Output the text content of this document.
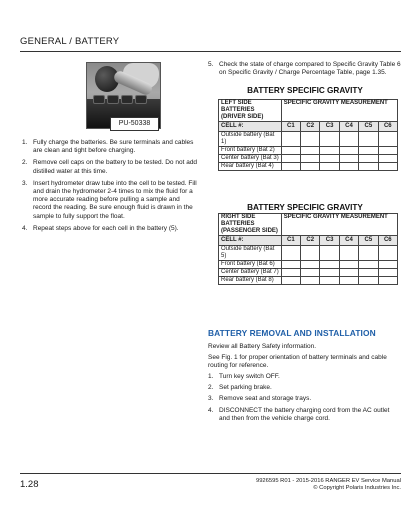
GENERAL / BATTERY
PU-50338
1. Fully charge the batteries. Be sure terminals and cables are clean and tight before charging.
2. Remove cell caps on the battery to be tested. Do not add distilled water at this time.
3. Insert hydrometer draw tube into the cell to be tested. Fill and drain the hydrometer 2-4 times to mix the fluid for a more accurate reading before pulling a sample and record the reading. Be sure enough fluid is drawn in the sample to fully support the float.
4. Repeat steps above for each cell in the battery (5).
5. Check the state of charge compared to Specific Gravity Table 6 on Specific Gravity / Charge Percentage Table, page 1.35.
BATTERY SPECIFIC GRAVITY
LEFT SIDE BATTERIES (DRIVER SIDE)	SPECIFIC GRAVITY MEASUREMENT					
CELL #:	C1	C2	C3	C4	C5	C6
Outside battery (Bat 1)						
Front battery (Bat 2)						
Center battery (Bat 3)						
Rear battery (Bat 4)						
BATTERY SPECIFIC GRAVITY
RIGHT SIDE BATTERIES (PASSENGER SIDE)	SPECIFIC GRAVITY MEASUREMENT					
CELL #:	C1	C2	C3	C4	C5	C6
Outside battery (Bat 5)						
Front battery (Bat 6)						
Center battery (Bat 7)						
Rear battery (Bat 8)						
BATTERY REMOVAL AND INSTALLATION
Review all Battery Safety information.
See Fig. 1 for proper orientation of battery terminals and cable routing for reference.
1. Turn key switch OFF.
2. Set parking brake.
3. Remove seat and storage trays.
4. DISCONNECT the battery charging cord from the AC outlet and then from the vehicle charge cord.
1.28	9926595 R01 - 2015-2016 RANGER EV Service Manual
© Copyright Polaris Industries Inc.
